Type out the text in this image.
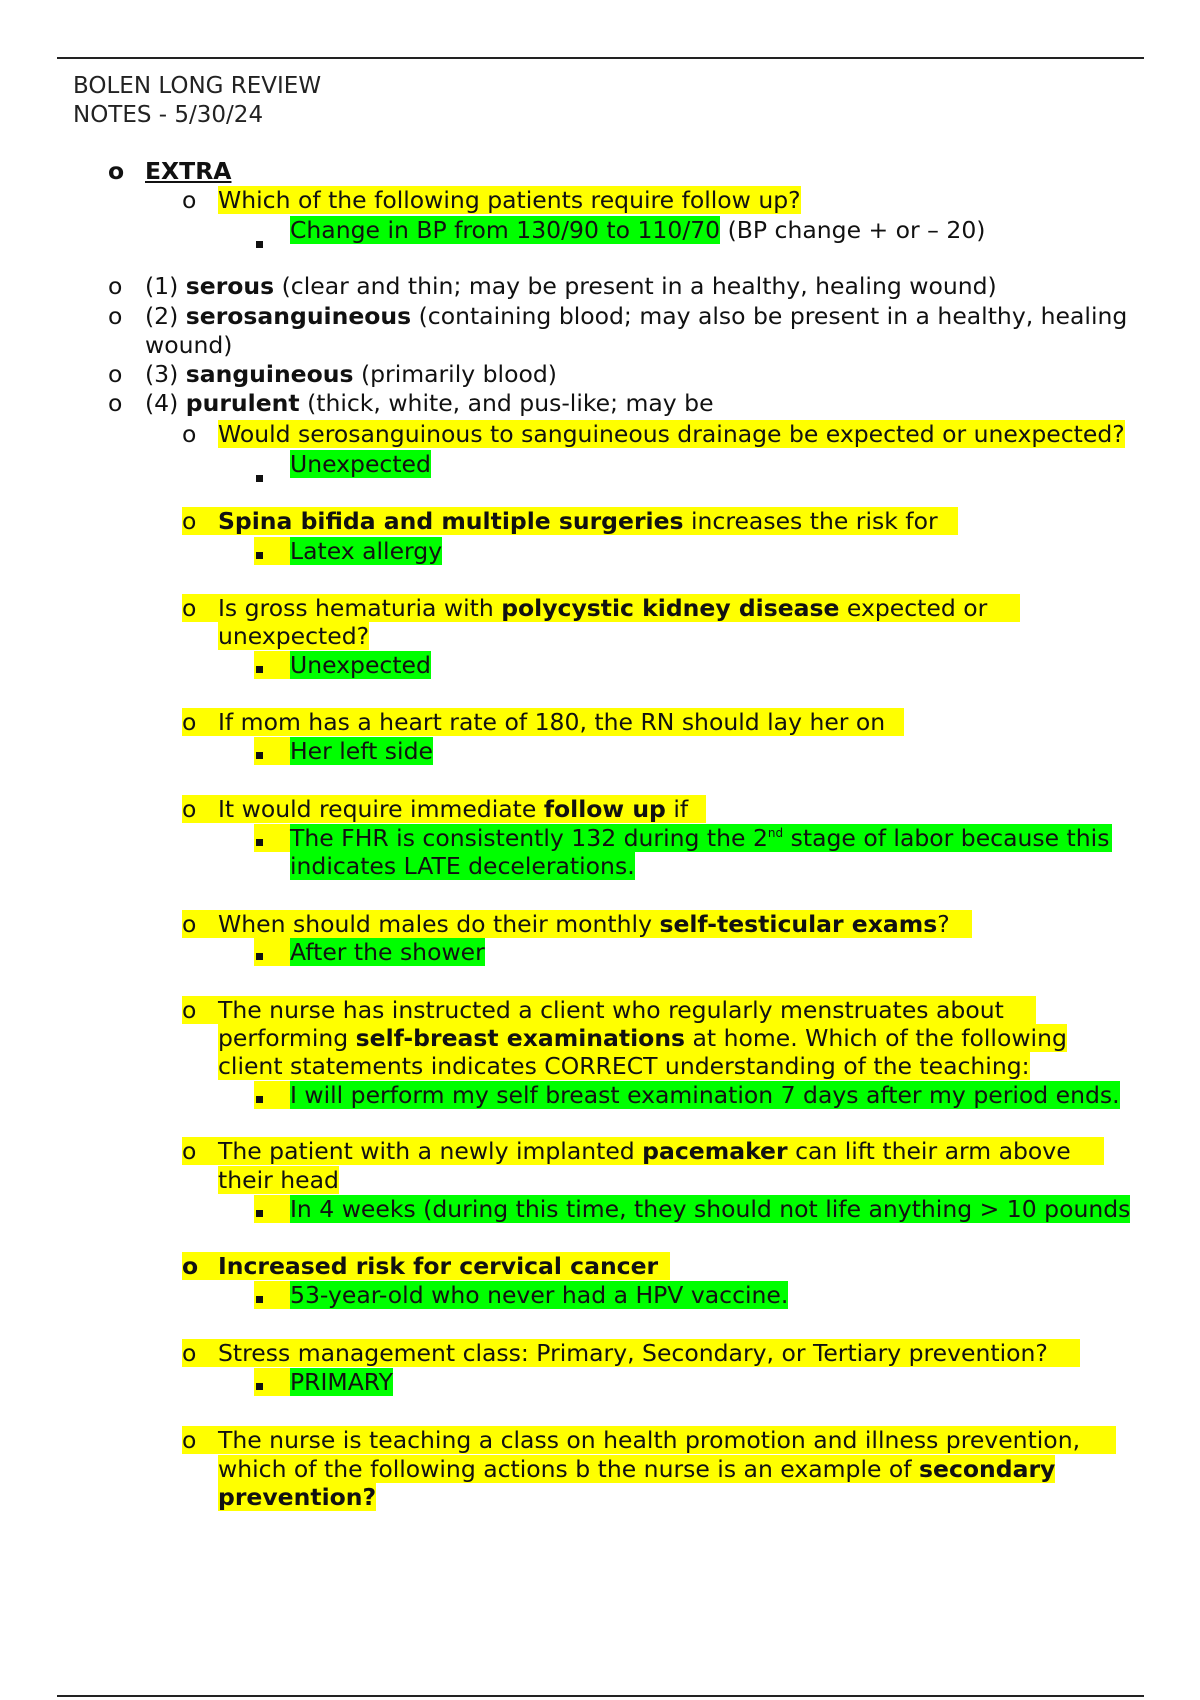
BOLEN LONG REVIEW
NOTES - 5/30/24
o EXTRA
o Which of the following patients require follow up?
Change in BP from 130/90 to 110/70 (BP change + or – 20)
o (1) serous (clear and thin; may be present in a healthy, healing wound)
o (2) serosanguineous (containing blood; may also be present in a healthy, healing
wound)
o (3) sanguineous (primarily blood)
o (4) purulent (thick, white, and pus-like; may be
o Would serosanguinous to sanguineous drainage be expected or unexpected?
Unexpected
o Spina bifida and multiple surgeries increases the risk for
Latex allergy
o Is gross hematuria with polycystic kidney disease expected or
unexpected?
Unexpected
o If mom has a heart rate of 180, the RN should lay her on
Her left side
o It would require immediate follow up if
The FHR is consistently 132 during the 2nd stage of labor because this
indicates LATE decelerations.
o When should males do their monthly self-testicular exams?
After the shower
o The nurse has instructed a client who regularly menstruates about
performing self-breast examinations at home. Which of the following
client statements indicates CORRECT understanding of the teaching:
I will perform my self breast examination 7 days after my period ends.
o The patient with a newly implanted pacemaker can lift their arm above
their head
In 4 weeks (during this time, they should not life anything > 10 pounds
o Increased risk for cervical cancer
53-year-old who never had a HPV vaccine.
o Stress management class: Primary, Secondary, or Tertiary prevention?
PRIMARY
o The nurse is teaching a class on health promotion and illness prevention,
which of the following actions b the nurse is an example of secondary
prevention?
